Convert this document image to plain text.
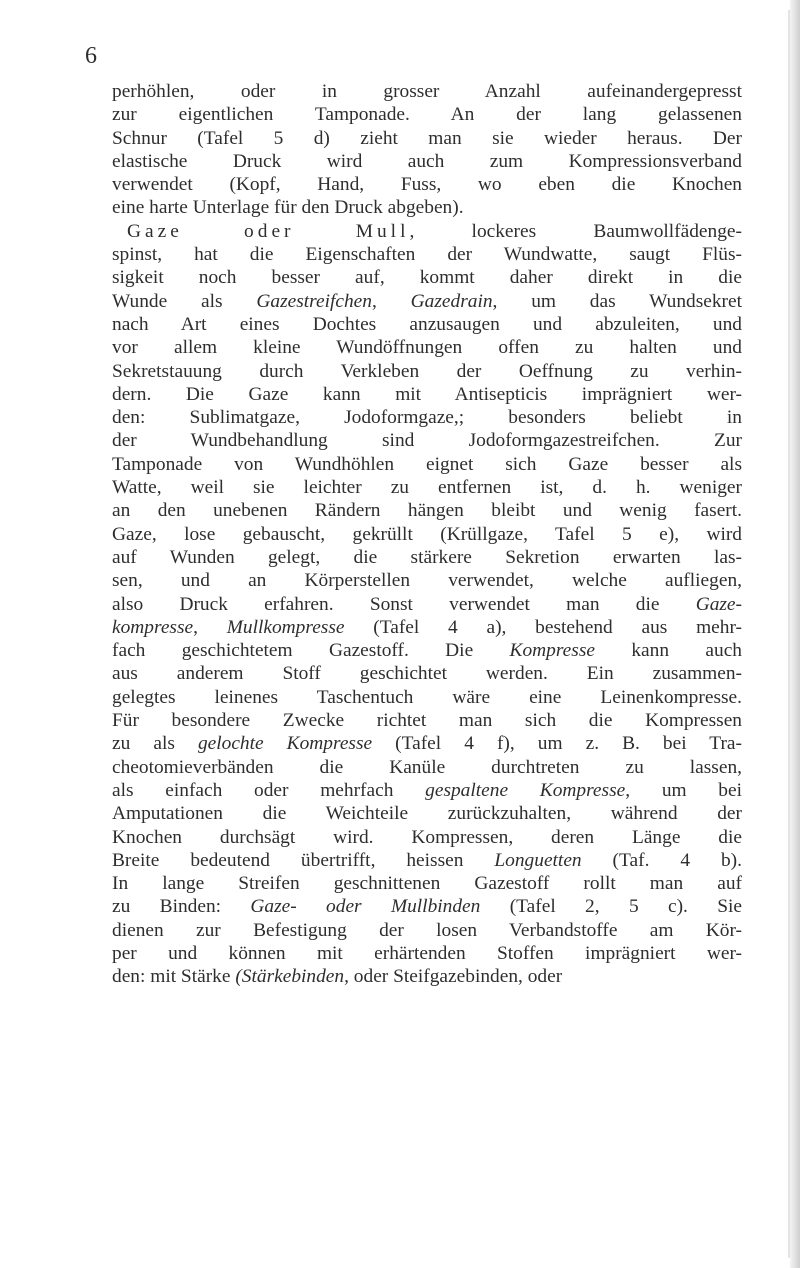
6
perhöhlen, oder in grosser Anzahl aufeinandergepresst
zur eigentlichen Tamponade. An der lang gelassenen
Schnur (Tafel 5 d) zieht man sie wieder heraus. Der
elastische Druck wird auch zum Kompressionsverband
verwendet (Kopf, Hand, Fuss, wo eben die Knochen
eine harte Unterlage für den Druck abgeben).
Gaze oder Mull, lockeres Baumwollfädenge-
spinst, hat die Eigenschaften der Wundwatte, saugt Flüs-
sigkeit noch besser auf, kommt daher direkt in die
Wunde als Gazestreifchen, Gazedrain, um das Wundsekret
nach Art eines Dochtes anzusaugen und abzuleiten, und
vor allem kleine Wundöffnungen offen zu halten und
Sekretstauung durch Verkleben der Oeffnung zu verhin-
dern. Die Gaze kann mit Antisepticis imprägniert wer-
den: Sublimatgaze, Jodoformgaze,; besonders beliebt in
der Wundbehandlung sind Jodoformgazestreifchen. Zur
Tamponade von Wundhöhlen eignet sich Gaze besser als
Watte, weil sie leichter zu entfernen ist, d. h. weniger
an den unebenen Rändern hängen bleibt und wenig fasert.
Gaze, lose gebauscht, gekrüllt (Krüllgaze, Tafel 5 e), wird
auf Wunden gelegt, die stärkere Sekretion erwarten las-
sen, und an Körperstellen verwendet, welche aufliegen,
also Druck erfahren. Sonst verwendet man die Gaze-
kompresse, Mullkompresse (Tafel 4 a), bestehend aus mehr-
fach geschichtetem Gazestoff. Die Kompresse kann auch
aus anderem Stoff geschichtet werden. Ein zusammen-
gelegtes leinenes Taschentuch wäre eine Leinenkompresse.
Für besondere Zwecke richtet man sich die Kompressen
zu als gelochte Kompresse (Tafel 4 f), um z. B. bei Tra-
cheotomieverbänden die Kanüle durchtreten zu lassen,
als einfach oder mehrfach gespaltene Kompresse, um bei
Amputationen die Weichteile zurückzuhalten, während der
Knochen durchsägt wird. Kompressen, deren Länge die
Breite bedeutend übertrifft, heissen Longuetten (Taf. 4 b).
In lange Streifen geschnittenen Gazestoff rollt man auf
zu Binden: Gaze- oder Mullbinden (Tafel 2, 5 c). Sie
dienen zur Befestigung der losen Verbandstoffe am Kör-
per und können mit erhärtenden Stoffen imprägniert wer-
den: mit Stärke (Stärkebinden, oder Steifgazebinden, oder
